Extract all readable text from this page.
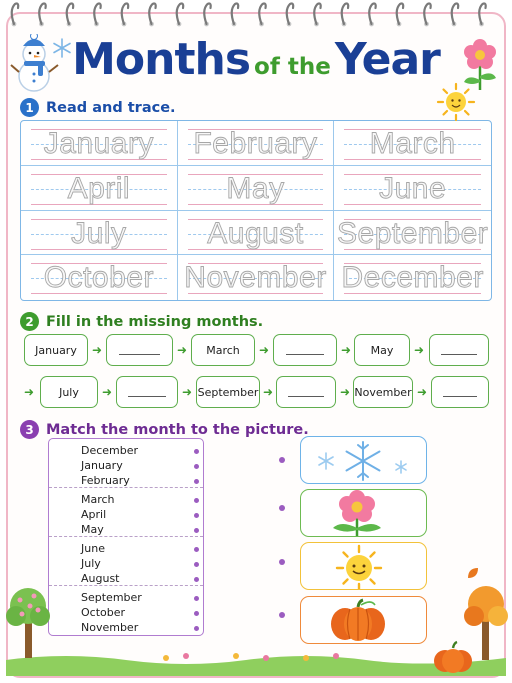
Months of theYear
1 Read and trace.
January	February	March
April	May	June
July	August	September
October	November December
2 Fill in the missing months.
January	➜	➜	March	➜	➜	May	➜
➜	July	➜	➜ September ➜	➜ November ➜
3 Match the month to the picture.
December
January
February
March
April
May
June
July
August
September
October
November
